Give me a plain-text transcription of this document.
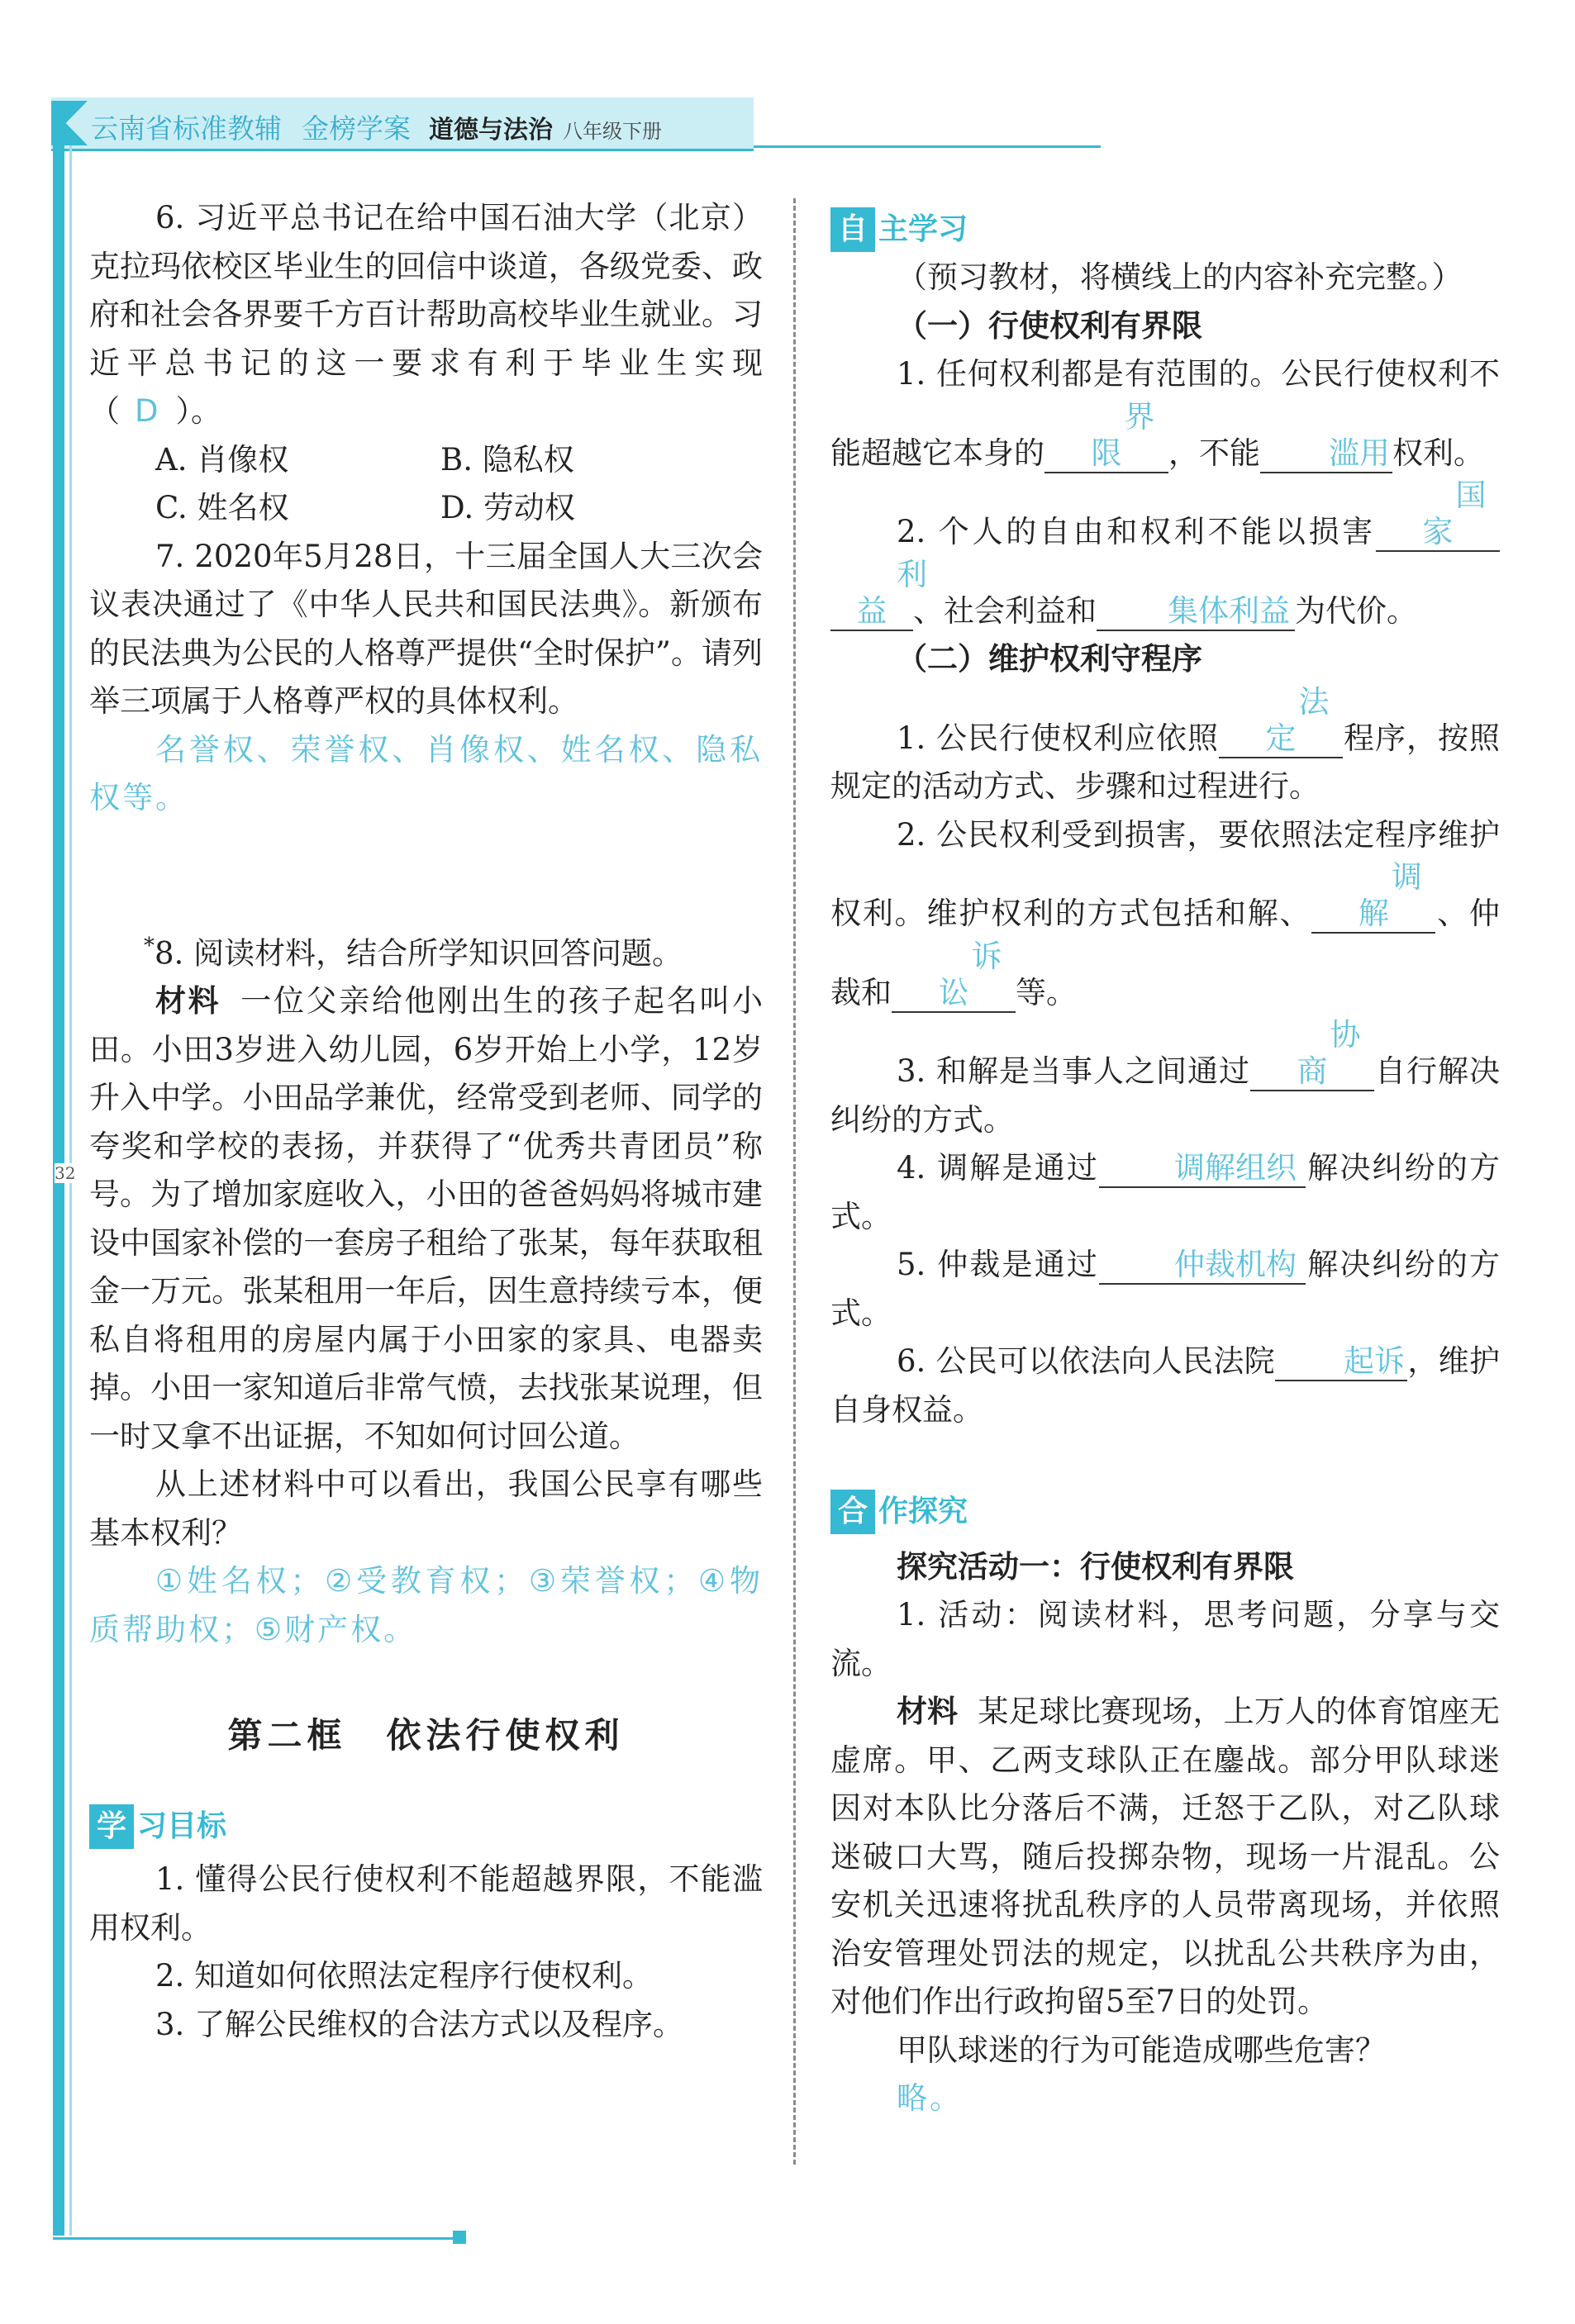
云南省标准教辅 金榜学案 道德与法治 八年级下册
32

6. 习近平总书记在给中国石油大学（北京）克拉玛依校区毕业生的回信中谈道，各级党委、政府和社会各界要千方百计帮助高校毕业生就业。习近平总书记的这一要求有利于毕业生实现（ D ）。

A. 肖像权	B. 隐私权
C. 姓名权	D. 劳动权

7. 2020年5月28日，十三届全国人大三次会议表决通过了《中华人民共和国民法典》。新颁布的民法典为公民的人格尊严提供“全时保护”。请列举三项属于人格尊严权的具体权利。

名誉权、荣誉权、肖像权、姓名权、隐私权等。

*8. 阅读材料，结合所学知识回答问题。

材料 一位父亲给他刚出生的孩子起名叫小田。小田3岁进入幼儿园，6岁开始上小学，12岁升入中学。小田品学兼优，经常受到老师、同学的夸奖和学校的表扬，并获得了“优秀共青团员”称号。为了增加家庭收入，小田的爸爸妈妈将城市建设中国家补偿的一套房子租给了张某，每年获取租金一万元。张某租用一年后，因生意持续亏本，便私自将租用的房屋内属于小田家的家具、电器卖掉。小田一家知道后非常气愤，去找张某说理，但一时又拿不出证据，不知如何讨回公道。

从上述材料中可以看出，我国公民享有哪些基本权利？

①姓名权；②受教育权；③荣誉权；④物质帮助权；⑤财产权。

第二框　依法行使权利
学 习目标

1. 懂得公民行使权利不能超越界限，不能滥用权利。

2. 知道如何依照法定程序行使权利。

3. 了解公民维权的合法方式以及程序。

自 主学习

（预习教材，将横线上的内容补充完整。）

（一）行使权利有界限

1. 任何权利都是有范围的。公民行使权利不能超越它本身的界限 ，不能 滥用权利。

2. 个人的自由和权利不能以损害国家利益 、社会利益和 集体利益 为代价。

（二）维护权利守程序

1. 公民行使权利应依照法定 程序，按照规定的活动方式、步骤和过程进行。

2. 公民权利受到损害，要依照法定程序维护权利。维护权利的方式包括和解、调解 、仲裁和诉讼 等。

3. 和解是当事人之间通过协商 自行解决纠纷的方式。

4. 调解是通过 调解组织 解决纠纷的方式。

5. 仲裁是通过 仲裁机构 解决纠纷的方式。

6. 公民可以依法向人民法院 起诉，维护自身权益。

合 作探究

探究活动一：行使权利有界限

1. 活动：阅读材料，思考问题，分享与交流。

材料 某足球比赛现场，上万人的体育馆座无虚席。甲、乙两支球队正在鏖战。部分甲队球迷因对本队比分落后不满，迁怒于乙队，对乙队球迷破口大骂，随后投掷杂物，现场一片混乱。公安机关迅速将扰乱秩序的人员带离现场，并依照治安管理处罚法的规定，以扰乱公共秩序为由，对他们作出行政拘留5至7日的处罚。

甲队球迷的行为可能造成哪些危害？

略。
